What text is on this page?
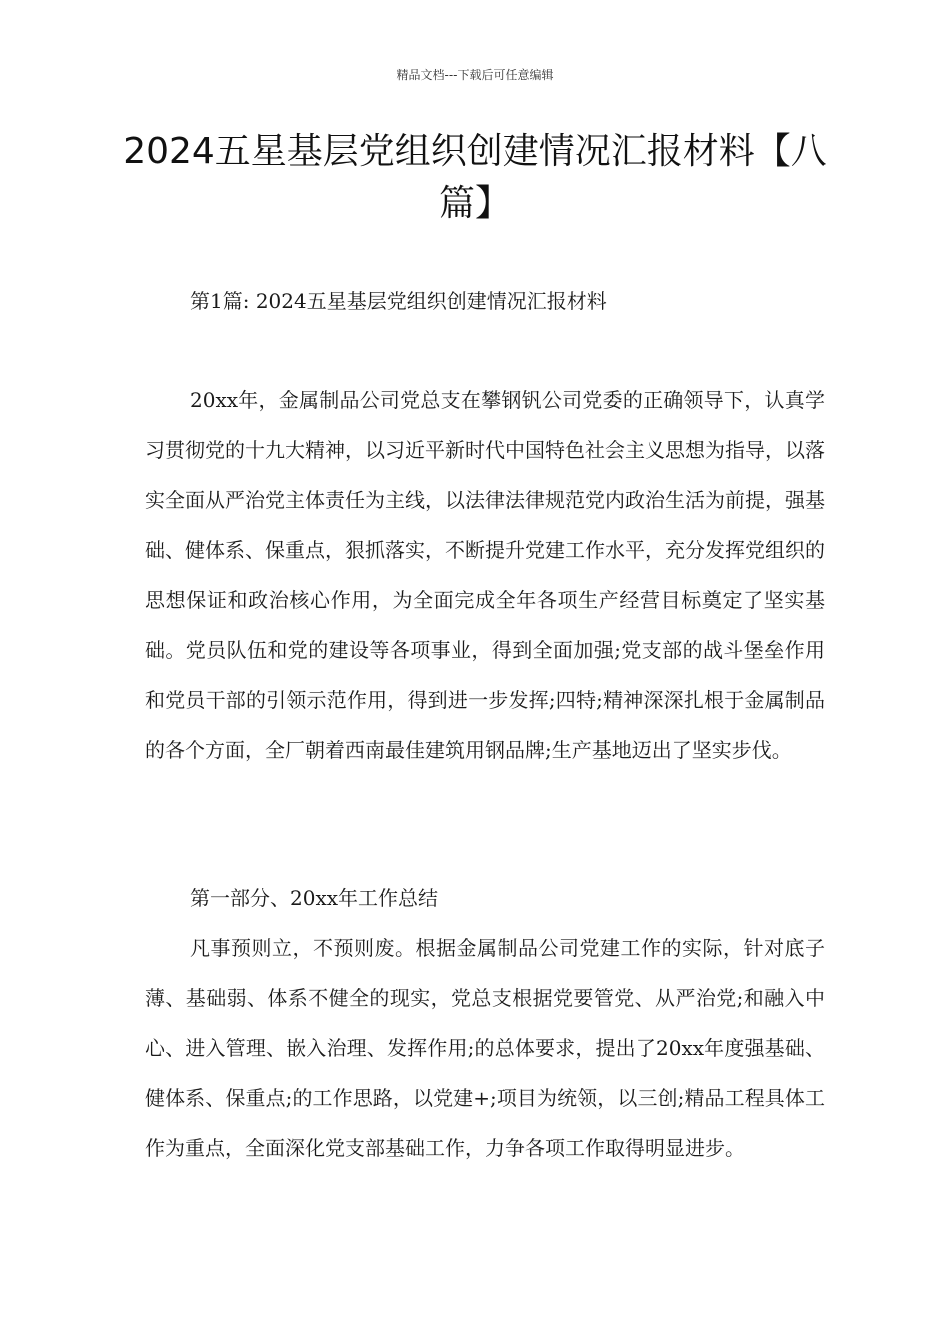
精品文档---下载后可任意编辑
2024五星基层党组织创建情况汇报材料【八篇】
第1篇: 2024五星基层党组织创建情况汇报材料

20xx年，金属制品公司党总支在攀钢钒公司党委的正确领导下，认真学习贯彻党的十九大精神，以习近平新时代中国特色社会主义思想为指导，以落实全面从严治党主体责任为主线，以法律法律规范党内政治生活为前提，强基础、健体系、保重点，狠抓落实，不断提升党建工作水平，充分发挥党组织的思想保证和政治核心作用，为全面完成全年各项生产经营目标奠定了坚实基础。党员队伍和党的建设等各项事业，得到全面加强;党支部的战斗堡垒作用和党员干部的引领示范作用，得到进一步发挥;四特;精神深深扎根于金属制品的各个方面，全厂朝着西南最佳建筑用钢品牌;生产基地迈出了坚实步伐。

第一部分、20xx年工作总结

凡事预则立，不预则废。根据金属制品公司党建工作的实际，针对底子薄、基础弱、体系不健全的现实，党总支根据党要管党、从严治党;和融入中心、进入管理、嵌入治理、发挥作用;的总体要求，提出了20xx年度强基础、健体系、保重点;的工作思路，以党建+;项目为统领，以三创;精品工程具体工作为重点，全面深化党支部基础工作，力争各项工作取得明显进步。
